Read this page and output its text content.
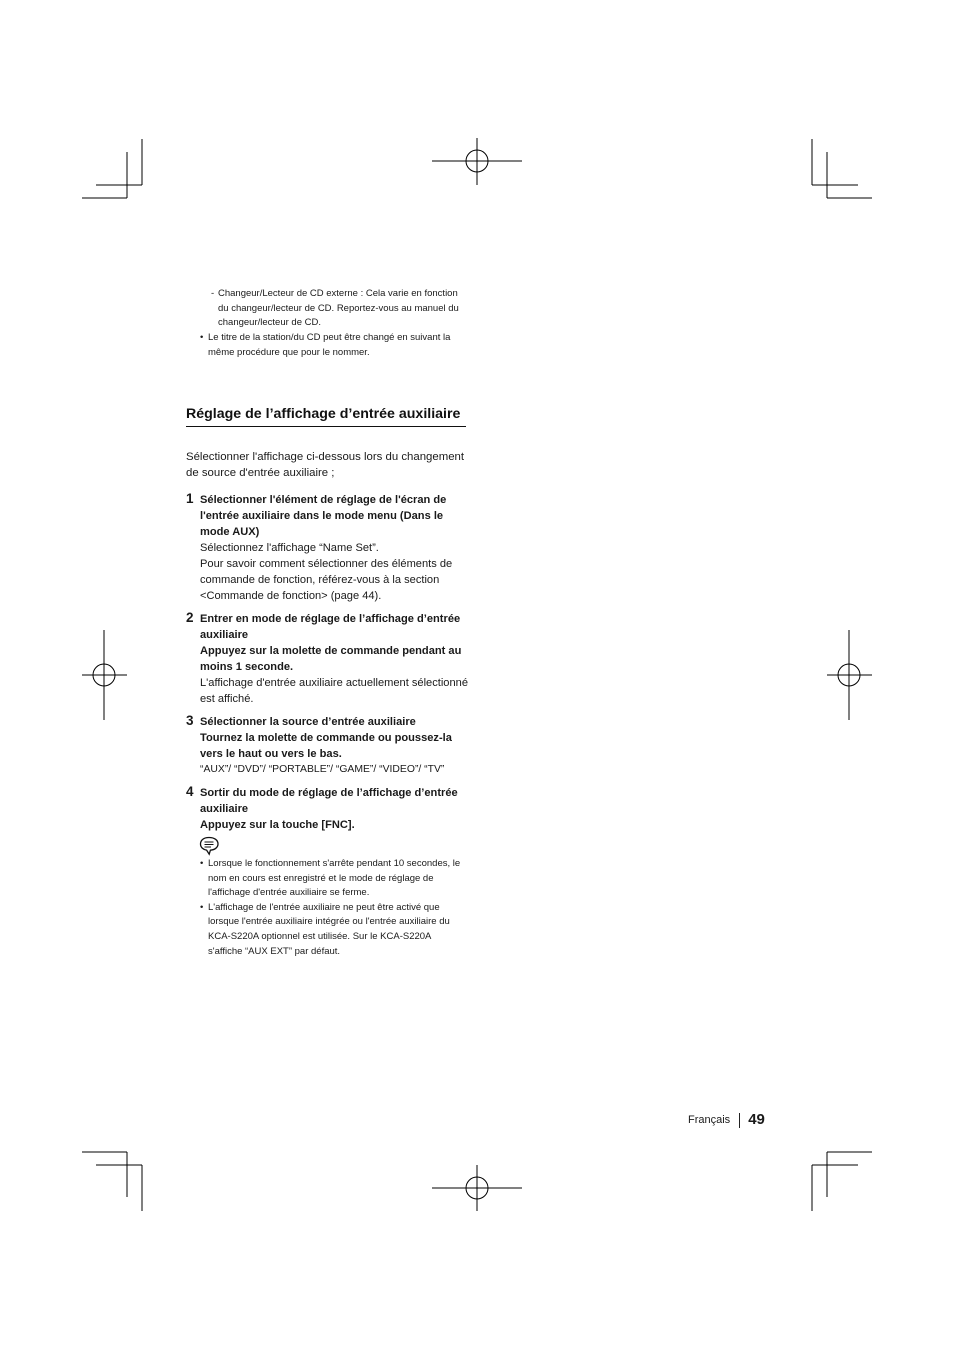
- Changeur/Lecteur de CD externe : Cela varie en fonction du changeur/lecteur de CD. Reportez-vous au manuel du changeur/lecteur de CD.
• Le titre de la station/du CD peut être changé en suivant la même procédure que pour le nommer.
Réglage de l’affichage d’entrée auxiliaire
Sélectionner l'affichage ci-dessous lors du changement de source d'entrée auxiliaire ;
1 Sélectionner l'élément de réglage de l'écran de l'entrée auxiliaire dans le mode menu (Dans le mode AUX)
Sélectionnez l'affichage “Name Set”.
Pour savoir comment sélectionner des éléments de commande de fonction, référez-vous à la section <Commande de fonction> (page 44).
2 Entrer en mode de réglage de l’affichage d’entrée auxiliaire
Appuyez sur la molette de commande pendant au moins 1 seconde.
L'affichage d'entrée auxiliaire actuellement sélectionné est affiché.
3 Sélectionner la source d’entrée auxiliaire
Tournez la molette de commande ou poussez-la vers le haut ou vers le bas.
“AUX”/ “DVD”/ “PORTABLE”/ “GAME”/ “VIDEO”/ “TV”
4 Sortir du mode de réglage de l’affichage d’entrée auxiliaire
Appuyez sur la touche [FNC].
• Lorsque le fonctionnement s'arrête pendant 10 secondes, le nom en cours est enregistré et le mode de réglage de l'affichage d'entrée auxiliaire se ferme.
• L'affichage de l'entrée auxiliaire ne peut être activé que lorsque l'entrée auxiliaire intégrée ou l'entrée auxiliaire du KCA-S220A optionnel est utilisée. Sur le KCA-S220A s'affiche “AUX EXT” par défaut.
Français 49
